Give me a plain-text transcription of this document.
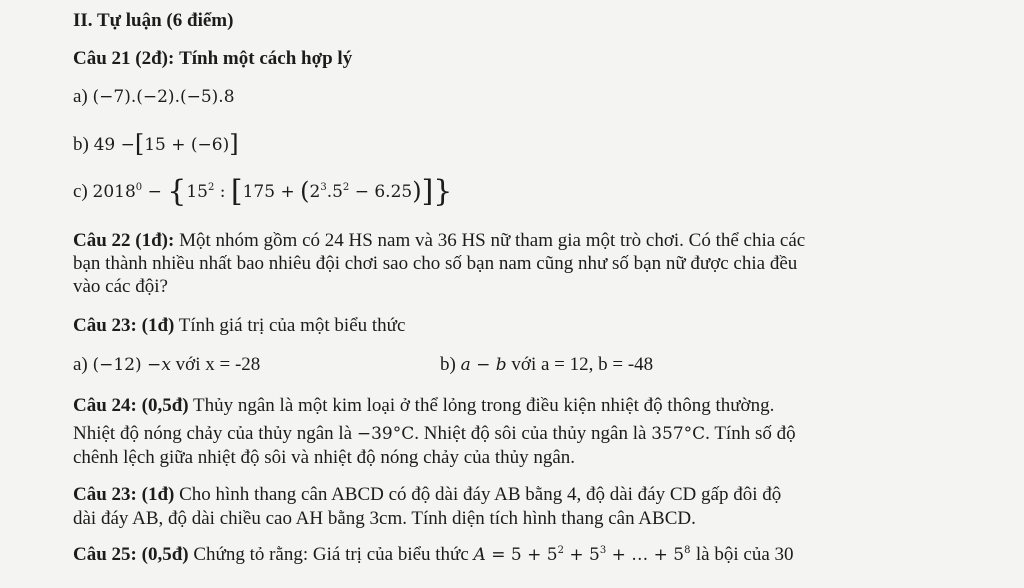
II. Tự luận (6 điểm)
Câu 21 (2đ): Tính một cách hợp lý
a) (−7).(−2).(−5).8
b) 49 −[15 + (−6)]
c) $2018^0 - \{15^2$ : $[175 + (2^3.5^2 - 6.25)]$}
Câu 22 (1đ): Một nhóm gồm có 24 HS nam và 36 HS nữ tham gia một trò chơi. Có thể chia các
bạn thành nhiều nhất bao nhiêu đội chơi sao cho số bạn nam cũng như số bạn nữ được chia đều
vào các đội?
Câu 23: (1đ) Tính giá trị của một biểu thức
a) (−12) −x với x = -28	b) a − b với a = 12, b = -48
Câu 24: (0,5đ) Thủy ngân là một kim loại ở thể lỏng trong điều kiện nhiệt độ thông thường.
Nhiệt độ nóng chảy của thủy ngân là −39°C. Nhiệt độ sôi của thủy ngân là 357°C. Tính số độ
chênh lệch giữa nhiệt độ sôi và nhiệt độ nóng chảy của thủy ngân.
Câu 23: (1đ) Cho hình thang cân ABCD có độ dài đáy AB bằng 4, độ dài đáy CD gấp đôi độ
dài đáy AB, độ dài chiều cao AH bằng 3cm. Tính diện tích hình thang cân ABCD.
Câu 25: (0,5đ) Chứng tỏ rằng: Giá trị của biểu thức $A = 5 + 5^2 + 5^3$ + … + $5^8$ là bội của 30
